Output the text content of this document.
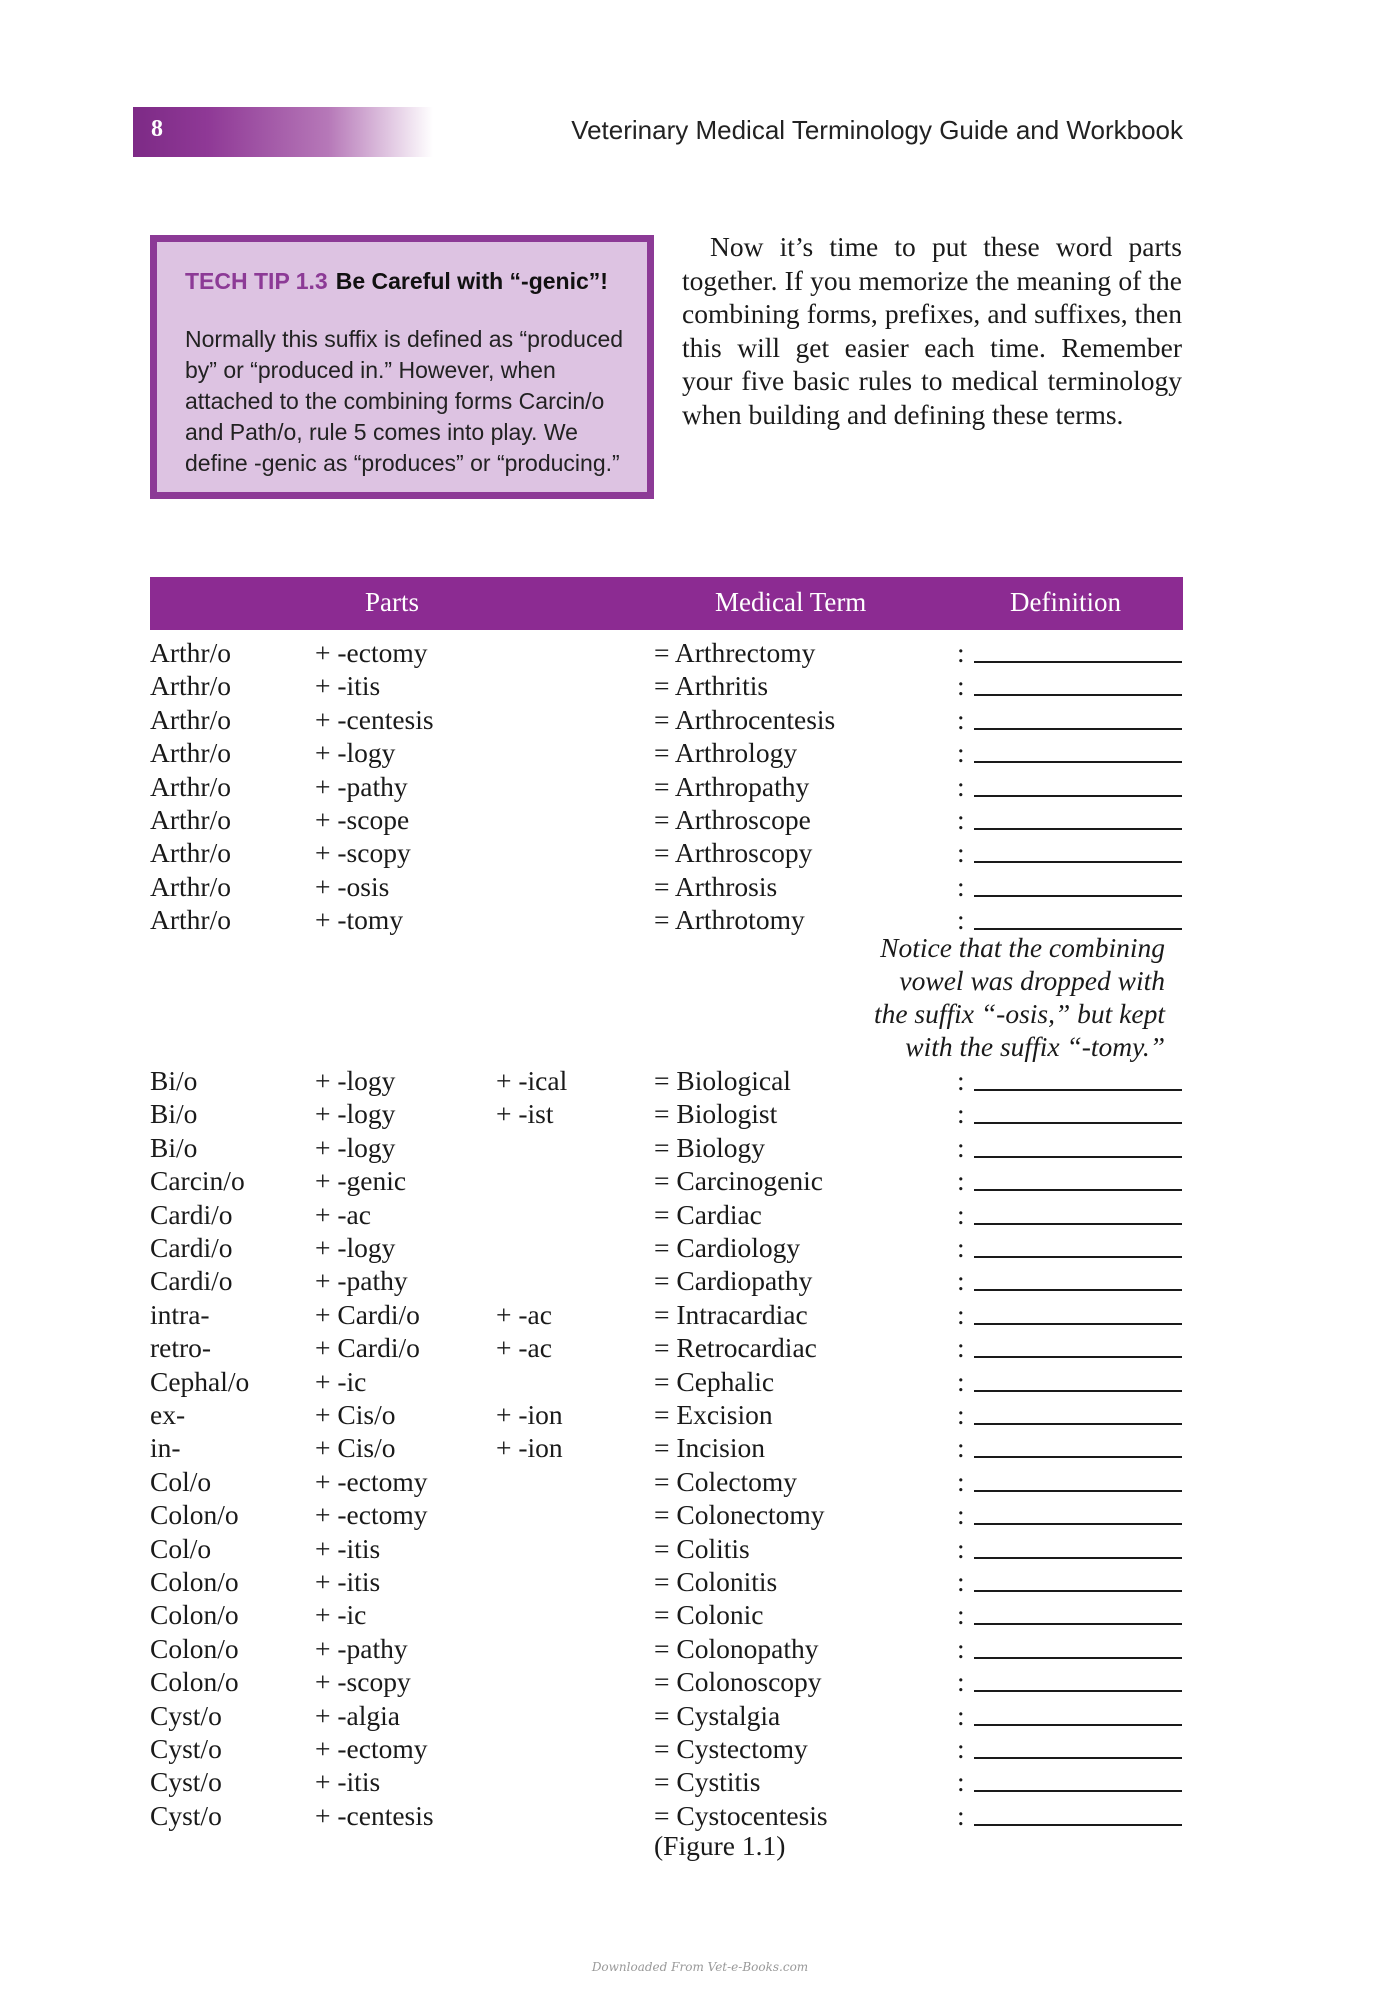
8	Veterinary Medical Terminology Guide and Workbook
TECH TIP 1.3 Be Careful with “-genic”!
Normally this suffix is defined as “produced by” or “produced in.” However, when attached to the combining forms Carcin/o and Path/o, rule 5 comes into play. We define -genic as “produces” or “producing.”
Now it’s time to put these word parts together. If you memorize the meaning of the combining forms, prefixes, and suffixes, then this will get easier each time. Remember your five basic rules to medical terminology when building and defining these terms.
Parts	Medical Term	Definition
Arthr/o	+ -ectomy	= Arthrectomy	:
Arthr/o	+ -itis	= Arthritis	:
Arthr/o	+ -centesis	= Arthrocentesis	:
Arthr/o	+ -logy	= Arthrology	:
Arthr/o	+ -pathy	= Arthropathy	:
Arthr/o	+ -scope	= Arthroscope	:
Arthr/o	+ -scopy	= Arthroscopy	:
Arthr/o	+ -osis	= Arthrosis	:
Arthr/o	+ -tomy	= Arthrotomy	:
Notice that the combining
vowel was dropped with
the suffix “-osis,” but kept
with the suffix “-tomy.”
Bi/o	+ -logy	+ -ical	= Biological	:
Bi/o	+ -logy	+ -ist	= Biologist	:
Bi/o	+ -logy	= Biology	:
Carcin/o	+ -genic	= Carcinogenic	:
Cardi/o	+ -ac	= Cardiac	:
Cardi/o	+ -logy	= Cardiology	:
Cardi/o	+ -pathy	= Cardiopathy	:
intra-	+ Cardi/o	+ -ac	= Intracardiac	:
retro-	+ Cardi/o	+ -ac	= Retrocardiac	:
Cephal/o + -ic	= Cephalic	:
ex-	+ Cis/o	+ -ion	= Excision	:
in-	+ Cis/o	+ -ion	= Incision	:
Col/o	+ -ectomy	= Colectomy	:
Colon/o	+ -ectomy	= Colonectomy	:
Col/o	+ -itis	= Colitis	:
Colon/o	+ -itis	= Colonitis	:
Colon/o	+ -ic	= Colonic	:
Colon/o	+ -pathy	= Colonopathy	:
Colon/o	+ -scopy	= Colonoscopy	:
Cyst/o	+ -algia	= Cystalgia	:
Cyst/o	+ -ectomy	= Cystectomy	:
Cyst/o	+ -itis	= Cystitis	:
Cyst/o	+ -centesis	= Cystocentesis	:
(Figure 1.1)
Downloaded From Vet-e-Books.com
